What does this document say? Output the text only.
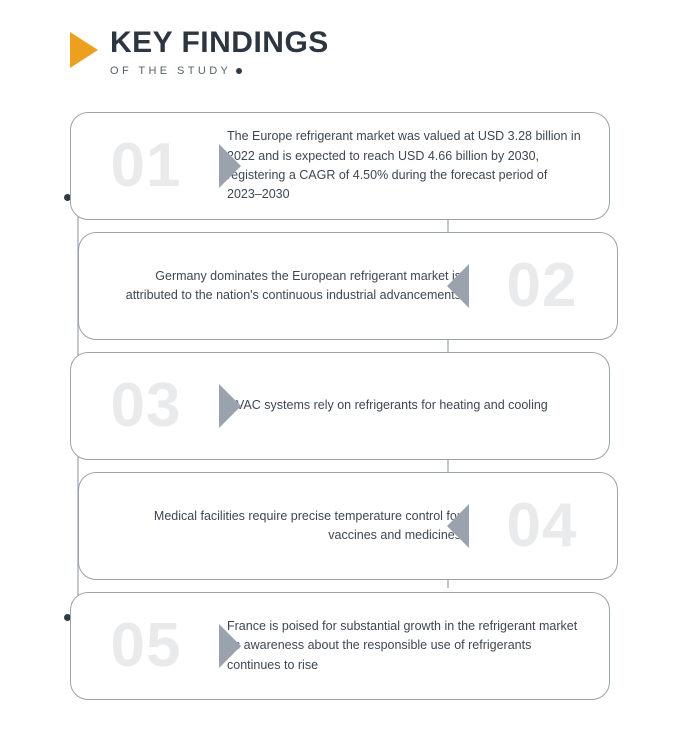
KEY FINDINGS
OF THE STUDY
01	The Europe refrigerant market was valued at USD 3.28 billion in 2022 and is expected to reach USD 4.66 billion by 2030, registering a CAGR of 4.50% during the forecast period of 2023–2030
Germany dominates the European refrigerant market is attributed to the nation's continuous industrial advancements 02
03	HVAC systems rely on refrigerants for heating and cooling
Medical facilities require precise temperature control for vaccines and medicines 04
05	France is poised for substantial growth in the refrigerant market as awareness about the responsible use of refrigerants continues to rise
